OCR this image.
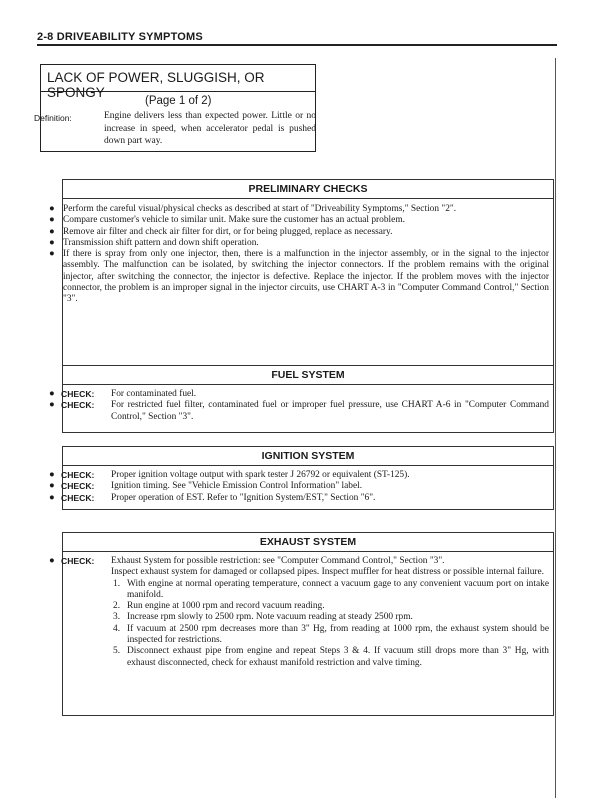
2-8 DRIVEABILITY SYMPTOMS
LACK OF POWER, SLUGGISH, OR SPONGY
(Page 1 of 2)
Definition:	Engine delivers less than expected power. Little or no increase in speed, when accelerator pedal is pushed down part way.
PRELIMINARY CHECKS
● Perform the careful visual/physical checks as described at start of "Driveability Symptoms," Section "2".
● Compare customer's vehicle to similar unit. Make sure the customer has an actual problem.
● Remove air filter and check air filter for dirt, or for being plugged, replace as necessary.
● Transmission shift pattern and down shift operation.
● If there is spray from only one injector, then, there is a malfunction in the injector assembly, or in the signal to the injector assembly. The malfunction can be isolated, by switching the injector connectors. If the problem remains with the original injector, after switching the connector, the injector is defective. Replace the injector. If the problem moves with the injector connector, the problem is an improper signal in the injector circuits, use CHART A-3 in "Computer Command Control," Section "3".
FUEL SYSTEM
● CHECK: For contaminated fuel.
● CHECK: For restricted fuel filter, contaminated fuel or improper fuel pressure, use CHART A-6 in "Computer Command Control," Section "3".
IGNITION SYSTEM
● CHECK: Proper ignition voltage output with spark tester J 26792 or equivalent (ST-125).
● CHECK: Ignition timing. See "Vehicle Emission Control Information" label.
● CHECK: Proper operation of EST. Refer to "Ignition System/EST," Section "6".
EXHAUST SYSTEM
● CHECK: Exhaust System for possible restriction: see "Computer Command Control," Section "3".
Inspect exhaust system for damaged or collapsed pipes. Inspect muffler for heat distress or possible internal failure.
1. With engine at normal operating temperature, connect a vacuum gage to any convenient vacuum port on intake manifold.
2. Run engine at 1000 rpm and record vacuum reading.
3. Increase rpm slowly to 2500 rpm. Note vacuum reading at steady 2500 rpm.
4. If vacuum at 2500 rpm decreases more than 3" Hg, from reading at 1000 rpm, the exhaust system should be inspected for restrictions.
5. Disconnect exhaust pipe from engine and repeat Steps 3 & 4. If vacuum still drops more than 3" Hg, with exhaust disconnected, check for exhaust manifold restriction and valve timing.
